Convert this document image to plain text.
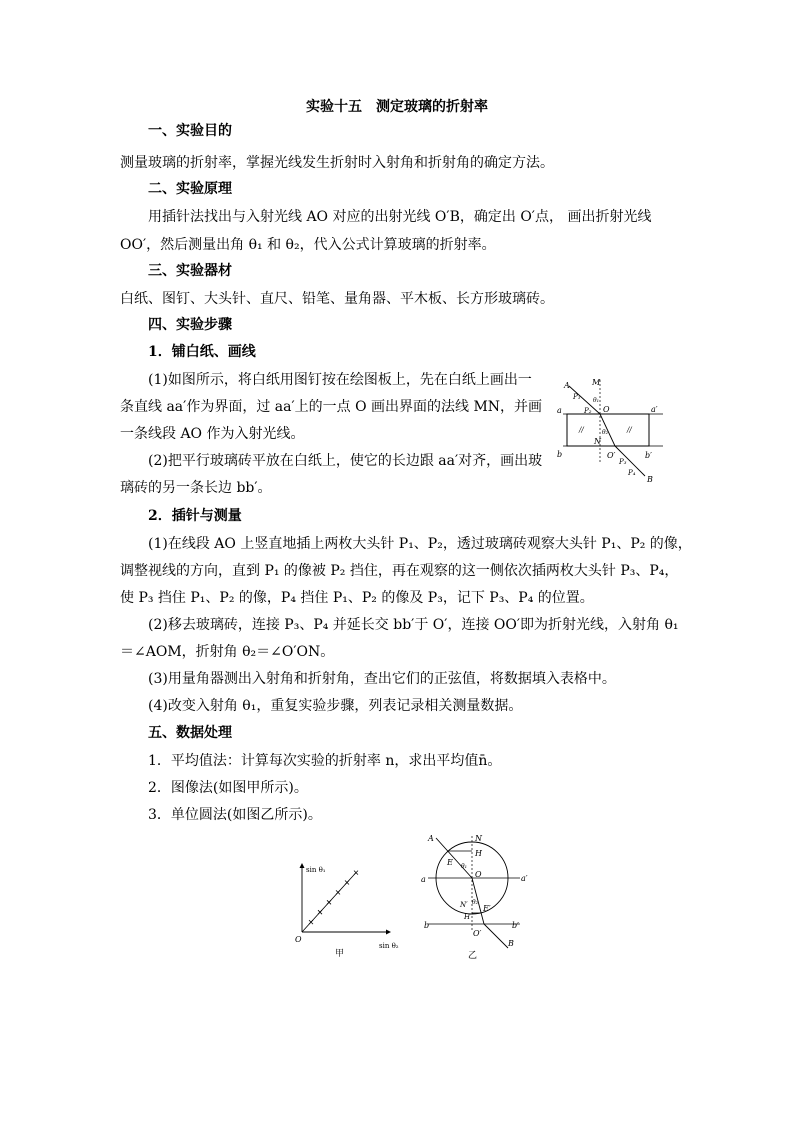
实验十五　测定玻璃的折射率
一、实验目的
测量玻璃的折射率，掌握光线发生折射时入射角和折射角的确定方法。
二、实验原理
用插针法找出与入射光线 AO 对应的出射光线 O′B，确定出 O′点， 画出折射光线
OO′，然后测量出角 θ₁ 和 θ₂，代入公式计算玻璃的折射率。
三、实验器材
白纸、图钉、大头针、直尺、铅笔、量角器、平木板、长方形玻璃砖。
四、实验步骤
1．铺白纸、画线
(1)如图所示，将白纸用图钉按在绘图板上，先在白纸上画出一
条直线 aa′作为界面，过 aa′上的一点 O 画出界面的法线 MN，并画
一条线段 AO 作为入射光线。
(2)把平行玻璃砖平放在白纸上，使它的长边跟 aa′对齐，画出玻
璃砖的另一条长边 bb′。
2．插针与测量
(1)在线段 AO 上竖直地插上两枚大头针 P₁、P₂，透过玻璃砖观察大头针 P₁、P₂ 的像，
调整视线的方向，直到 P₁ 的像被 P₂ 挡住，再在观察的这一侧依次插两枚大头针 P₃、P₄，
使 P₃ 挡住 P₁、P₂ 的像，P₄ 挡住 P₁、P₂ 的像及 P₃，记下 P₃、P₄ 的位置。
(2)移去玻璃砖，连接 P₃、P₄ 并延长交 bb′于 O′，连接 OO′即为折射光线，入射角 θ₁
＝∠AOM，折射角 θ₂＝∠O′ON。
(3)用量角器测出入射角和折射角，查出它们的正弦值，将数据填入表格中。
(4)改变入射角 θ₁，重复实验步骤，列表记录相关测量数据。
五、数据处理
1．平均值法：计算每次实验的折射率 n，求出平均值n̄。
2．图像法(如图甲所示)。
3．单位圆法(如图乙所示)。
A	M
P₁ θ₁
P₂ O
a	a′
//	//
θ₂
N
b	O′
P₃
b′
P₄
B
sin θ₁
sin θ₂
O
甲
A	N
H
E θ₁
O
a	a′
N′ θ₂
E′
H′
b	b′
O′
B
乙
